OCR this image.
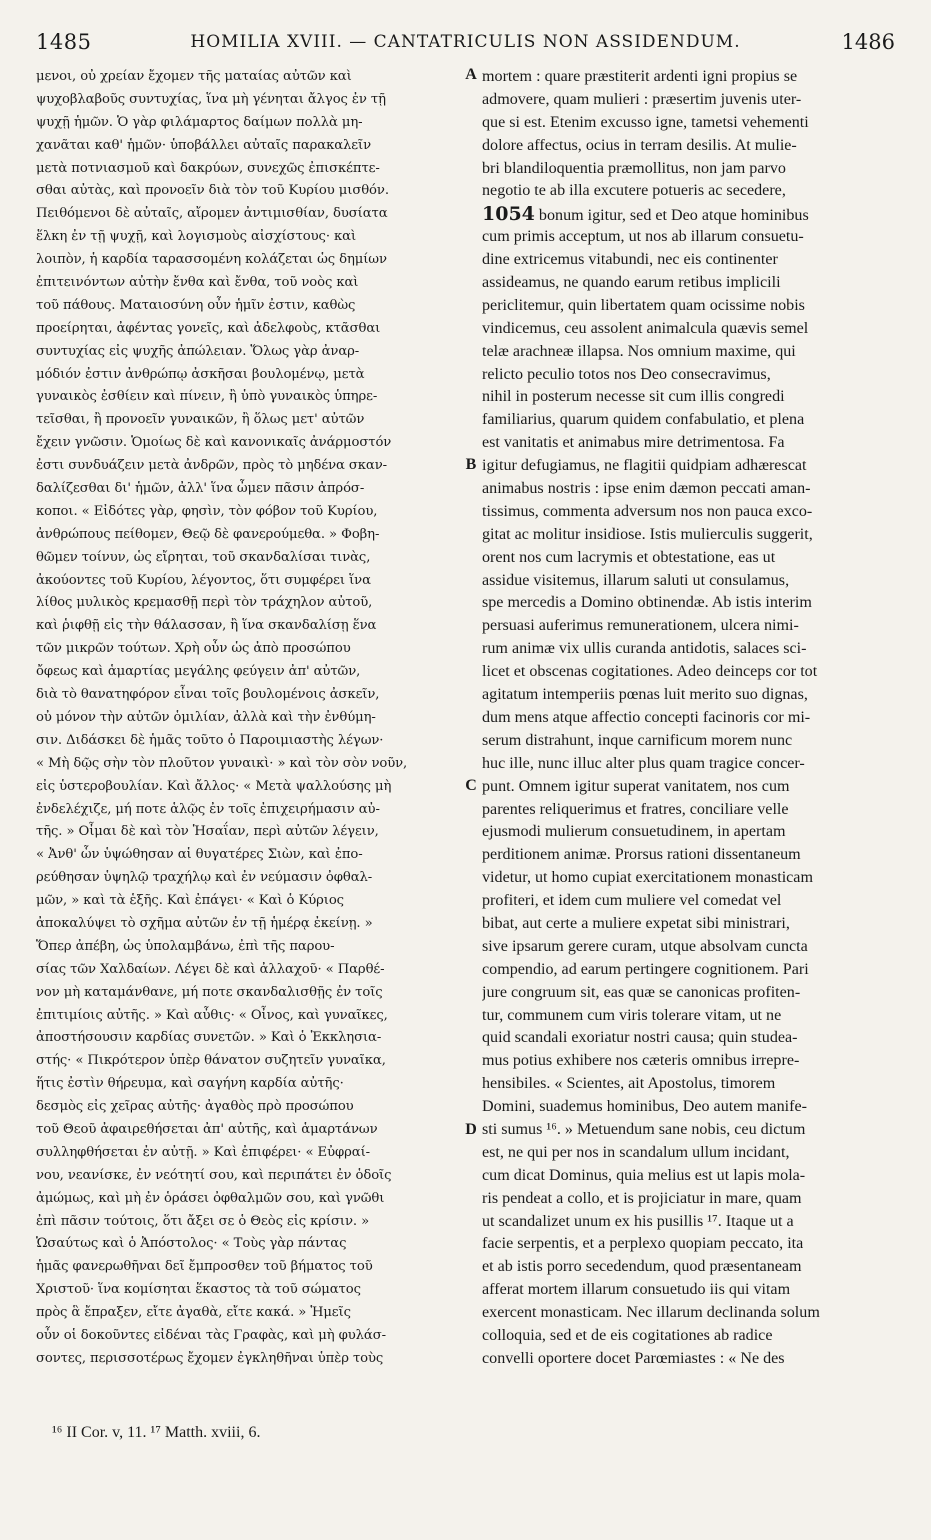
1485	HOMILIA XVIII. — CANTATRICULIS NON ASSIDENDUM.	1486
μενοι, οὐ χρείαν ἔχομεν τῆς ματαίας αὐτῶν καὶ
ψυχοβλαβοῦς συντυχίας, ἵνα μὴ γένηται ἄλγος ἐν τῇ
ψυχῇ ἡμῶν. Ὁ γὰρ φιλάμαρτος δαίμων πολλὰ μη-
χανᾶται καθ' ἡμῶν· ὑποβάλλει αὐταῖς παρακαλεῖν
μετὰ ποτνιασμοῦ καὶ δακρύων, συνεχῶς ἐπισκέπτε-
σθαι αὐτὰς, καὶ προνοεῖν διὰ τὸν τοῦ Κυρίου μισθόν.
Πειθόμενοι δὲ αὐταῖς, αἴρομεν ἀντιμισθίαν, δυσίατα
ἕλκη ἐν τῇ ψυχῇ, καὶ λογισμοὺς αἰσχίστους· καὶ
λοιπὸν, ἡ καρδία ταρασσομένη κολάζεται ὡς δημίων
ἐπιτεινόντων αὐτὴν ἔνθα καὶ ἔνθα, τοῦ νοὸς καὶ
τοῦ πάθους. Ματαιοσύνη οὖν ἡμῖν ἐστιν, καθὼς
προείρηται, ἀφέντας γονεῖς, καὶ ἀδελφοὺς, κτᾶσθαι
συντυχίας εἰς ψυχῆς ἀπώλειαν. Ὅλως γὰρ ἀναρ-
μόδιόν ἐστιν ἀνθρώπῳ ἀσκῆσαι βουλομένῳ, μετὰ
γυναικὸς ἐσθίειν καὶ πίνειν, ἢ ὑπὸ γυναικὸς ὑπηρε-
τεῖσθαι, ἢ προνοεῖν γυναικῶν, ἢ ὅλως μετ' αὐτῶν
ἔχειν γνῶσιν. Ὁμοίως δὲ καὶ κανονικαῖς ἀνάρμοστόν
ἐστι συνδυάζειν μετὰ ἀνδρῶν, πρὸς τὸ μηδένα σκαν-
δαλίζεσθαι δι' ἡμῶν, ἀλλ' ἵνα ὦμεν πᾶσιν ἀπρόσ-
κοποι. « Εἰδότες γὰρ, φησὶν, τὸν φόβον τοῦ Κυρίου,
ἀνθρώπους πείθομεν, Θεῷ δὲ φανερούμεθα. » Φοβη-
θῶμεν τοίνυν, ὡς εἴρηται, τοῦ σκανδαλίσαι τινὰς,
ἀκούοντες τοῦ Κυρίου, λέγοντος, ὅτι συμφέρει ἵνα
λίθος μυλικὸς κρεμασθῇ περὶ τὸν τράχηλον αὐτοῦ,
καὶ ῥιφθῇ εἰς τὴν θάλασσαν, ἢ ἵνα σκανδαλίσῃ ἕνα
τῶν μικρῶν τούτων. Χρὴ οὖν ὡς ἀπὸ προσώπου
ὄφεως καὶ ἁμαρτίας μεγάλης φεύγειν ἀπ' αὐτῶν,
διὰ τὸ θανατηφόρον εἶναι τοῖς βουλομένοις ἀσκεῖν,
οὐ μόνον τὴν αὐτῶν ὁμιλίαν, ἀλλὰ καὶ τὴν ἐνθύμη-
σιν. Διδάσκει δὲ ἡμᾶς τοῦτο ὁ Παροιμιαστὴς λέγων·
« Μὴ δῷς σὴν τὸν πλοῦτον γυναικὶ· » καὶ τὸν σὸν νοῦν,
εἰς ὑστεροβουλίαν. Καὶ ἄλλος· « Μετὰ ψαλλούσης μὴ
ἐνδελέχιζε, μή ποτε ἁλῷς ἐν τοῖς ἐπιχειρήμασιν αὐ-
τῆς. » Οἶμαι δὲ καὶ τὸν Ἡσαΐαν, περὶ αὐτῶν λέγειν,
« Ἀνθ' ὧν ὑψώθησαν αἱ θυγατέρες Σιὼν, καὶ ἐπο-
ρεύθησαν ὑψηλῷ τραχήλῳ καὶ ἐν νεύμασιν ὀφθαλ-
μῶν, » καὶ τὰ ἑξῆς. Καὶ ἐπάγει· « Καὶ ὁ Κύριος
ἀποκαλύψει τὸ σχῆμα αὐτῶν ἐν τῇ ἡμέρᾳ ἐκείνῃ. »
Ὅπερ ἀπέβη, ὡς ὑπολαμβάνω, ἐπὶ τῆς παρου-
σίας τῶν Χαλδαίων. Λέγει δὲ καὶ ἀλλαχοῦ· « Παρθέ-
νον μὴ καταμάνθανε, μή ποτε σκανδαλισθῇς ἐν τοῖς
ἐπιτιμίοις αὐτῆς. » Καὶ αὖθις· « Οἶνος, καὶ γυναῖκες,
ἀποστήσουσιν καρδίας συνετῶν. » Καὶ ὁ Ἐκκλησια-
στής· « Πικρότερον ὑπὲρ θάνατον συζητεῖν γυναῖκα,
ἥτις ἐστὶν θήρευμα, καὶ σαγήνη καρδία αὐτῆς·
δεσμὸς εἰς χεῖρας αὐτῆς· ἀγαθὸς πρὸ προσώπου
τοῦ Θεοῦ ἀφαιρεθήσεται ἀπ' αὐτῆς, καὶ ἁμαρτάνων
συλληφθήσεται ἐν αὐτῇ. » Καὶ ἐπιφέρει· « Εὐφραί-
νου, νεανίσκε, ἐν νεότητί σου, καὶ περιπάτει ἐν ὁδοῖς
ἀμώμως, καὶ μὴ ἐν ὁράσει ὀφθαλμῶν σου, καὶ γνῶθι
ἐπὶ πᾶσιν τούτοις, ὅτι ἄξει σε ὁ Θεὸς εἰς κρίσιν. »
Ὡσαύτως καὶ ὁ Ἀπόστολος· « Τοὺς γὰρ πάντας
ἡμᾶς φανερωθῆναι δεῖ ἔμπροσθεν τοῦ βήματος τοῦ
Χριστοῦ· ἵνα κομίσηται ἕκαστος τὰ τοῦ σώματος
πρὸς ἃ ἔπραξεν, εἴτε ἀγαθὰ, εἴτε κακά. » Ἡμεῖς
οὖν οἱ δοκοῦντες εἰδέναι τὰς Γραφὰς, καὶ μὴ φυλάσ-
σοντες, περισσοτέρως ἔχομεν ἐγκληθῆναι ὑπὲρ τοὺς
mortem : quare præstiterit ardenti igni propius se
admovere, quam mulieri : præsertim juvenis uter-
que si est. Etenim excusso igne, tametsi vehementi
dolore affectus, ocius in terram desilis. At mulie-
bri blandiloquentia præmollitus, non jam parvo
negotio te ab illa excutere potueris ac secedere,
1054 bonum igitur, sed et Deo atque hominibus
cum primis acceptum, ut nos ab illarum consuetu-
dine extricemus vitabundi, nec eis continenter
assideamus, ne quando earum retibus implicili
periclitemur, quin libertatem quam ocissime nobis
vindicemus, ceu assolent animalcula quævis semel
telæ arachneæ illapsa. Nos omnium maxime, qui
relicto peculio totos nos Deo consecravimus,
nihil in posterum necesse sit cum illis congredi
familiarius, quarum quidem confabulatio, et plena
est vanitatis et animabus mire detrimentosa. Fa
igitur defugiamus, ne flagitii quidpiam adhærescat
animabus nostris : ipse enim dæmon peccati aman-
tissimus, commenta adversum nos non pauca exco-
gitat ac molitur insidiose. Istis mulierculis suggerit,
orent nos cum lacrymis et obtestatione, eas ut
assidue visitemus, illarum saluti ut consulamus,
spe mercedis a Domino obtinendæ. Ab istis interim
persuasi auferimus remunerationem, ulcera nimi-
rum animæ vix ullis curanda antidotis, salaces sci-
licet et obscenas cogitationes. Adeo deinceps cor tot
agitatum intemperiis pœnas luit merito suo dignas,
dum mens atque affectio concepti facinoris cor mi-
serum distrahunt, inque carnificum morem nunc
huc ille, nunc illuc alter plus quam tragice concer-
punt. Omnem igitur superat vanitatem, nos cum
parentes reliquerimus et fratres, conciliare velle
ejusmodi mulierum consuetudinem, in apertam
perditionem animæ. Prorsus rationi dissentaneum
videtur, ut homo cupiat exercitationem monasticam
profiteri, et idem cum muliere vel comedat vel
bibat, aut certe a muliere expetat sibi ministrari,
sive ipsarum gerere curam, utque absolvam cuncta
compendio, ad earum pertingere cognitionem. Pari
jure congruum sit, eas quæ se canonicas profiten-
tur, communem cum viris tolerare vitam, ut ne
quid scandali exoriatur nostri causa; quin studea-
mus potius exhibere nos cæteris omnibus irrepre-
hensibiles. « Scientes, ait Apostolus, timorem
Domini, suademus hominibus, Deo autem manife-
sti sumus ¹⁶. » Metuendum sane nobis, ceu dictum
est, ne qui per nos in scandalum ullum incidant,
cum dicat Dominus, quia melius est ut lapis mola-
ris pendeat a collo, et is projiciatur in mare, quam
ut scandalizet unum ex his pusillis ¹⁷. Itaque ut a
facie serpentis, et a perplexo quopiam peccato, ita
et ab istis porro secedendum, quod præsentaneam
afferat mortem illarum consuetudo iis qui vitam
exercent monasticam. Nec illarum declinanda solum
colloquia, sed et de eis cogitationes ab radice
convelli oportere docet Parœmiastes : « Ne des
A
B
C
D
¹⁶ II Cor. v, 11. ¹⁷ Matth. xviii, 6.
